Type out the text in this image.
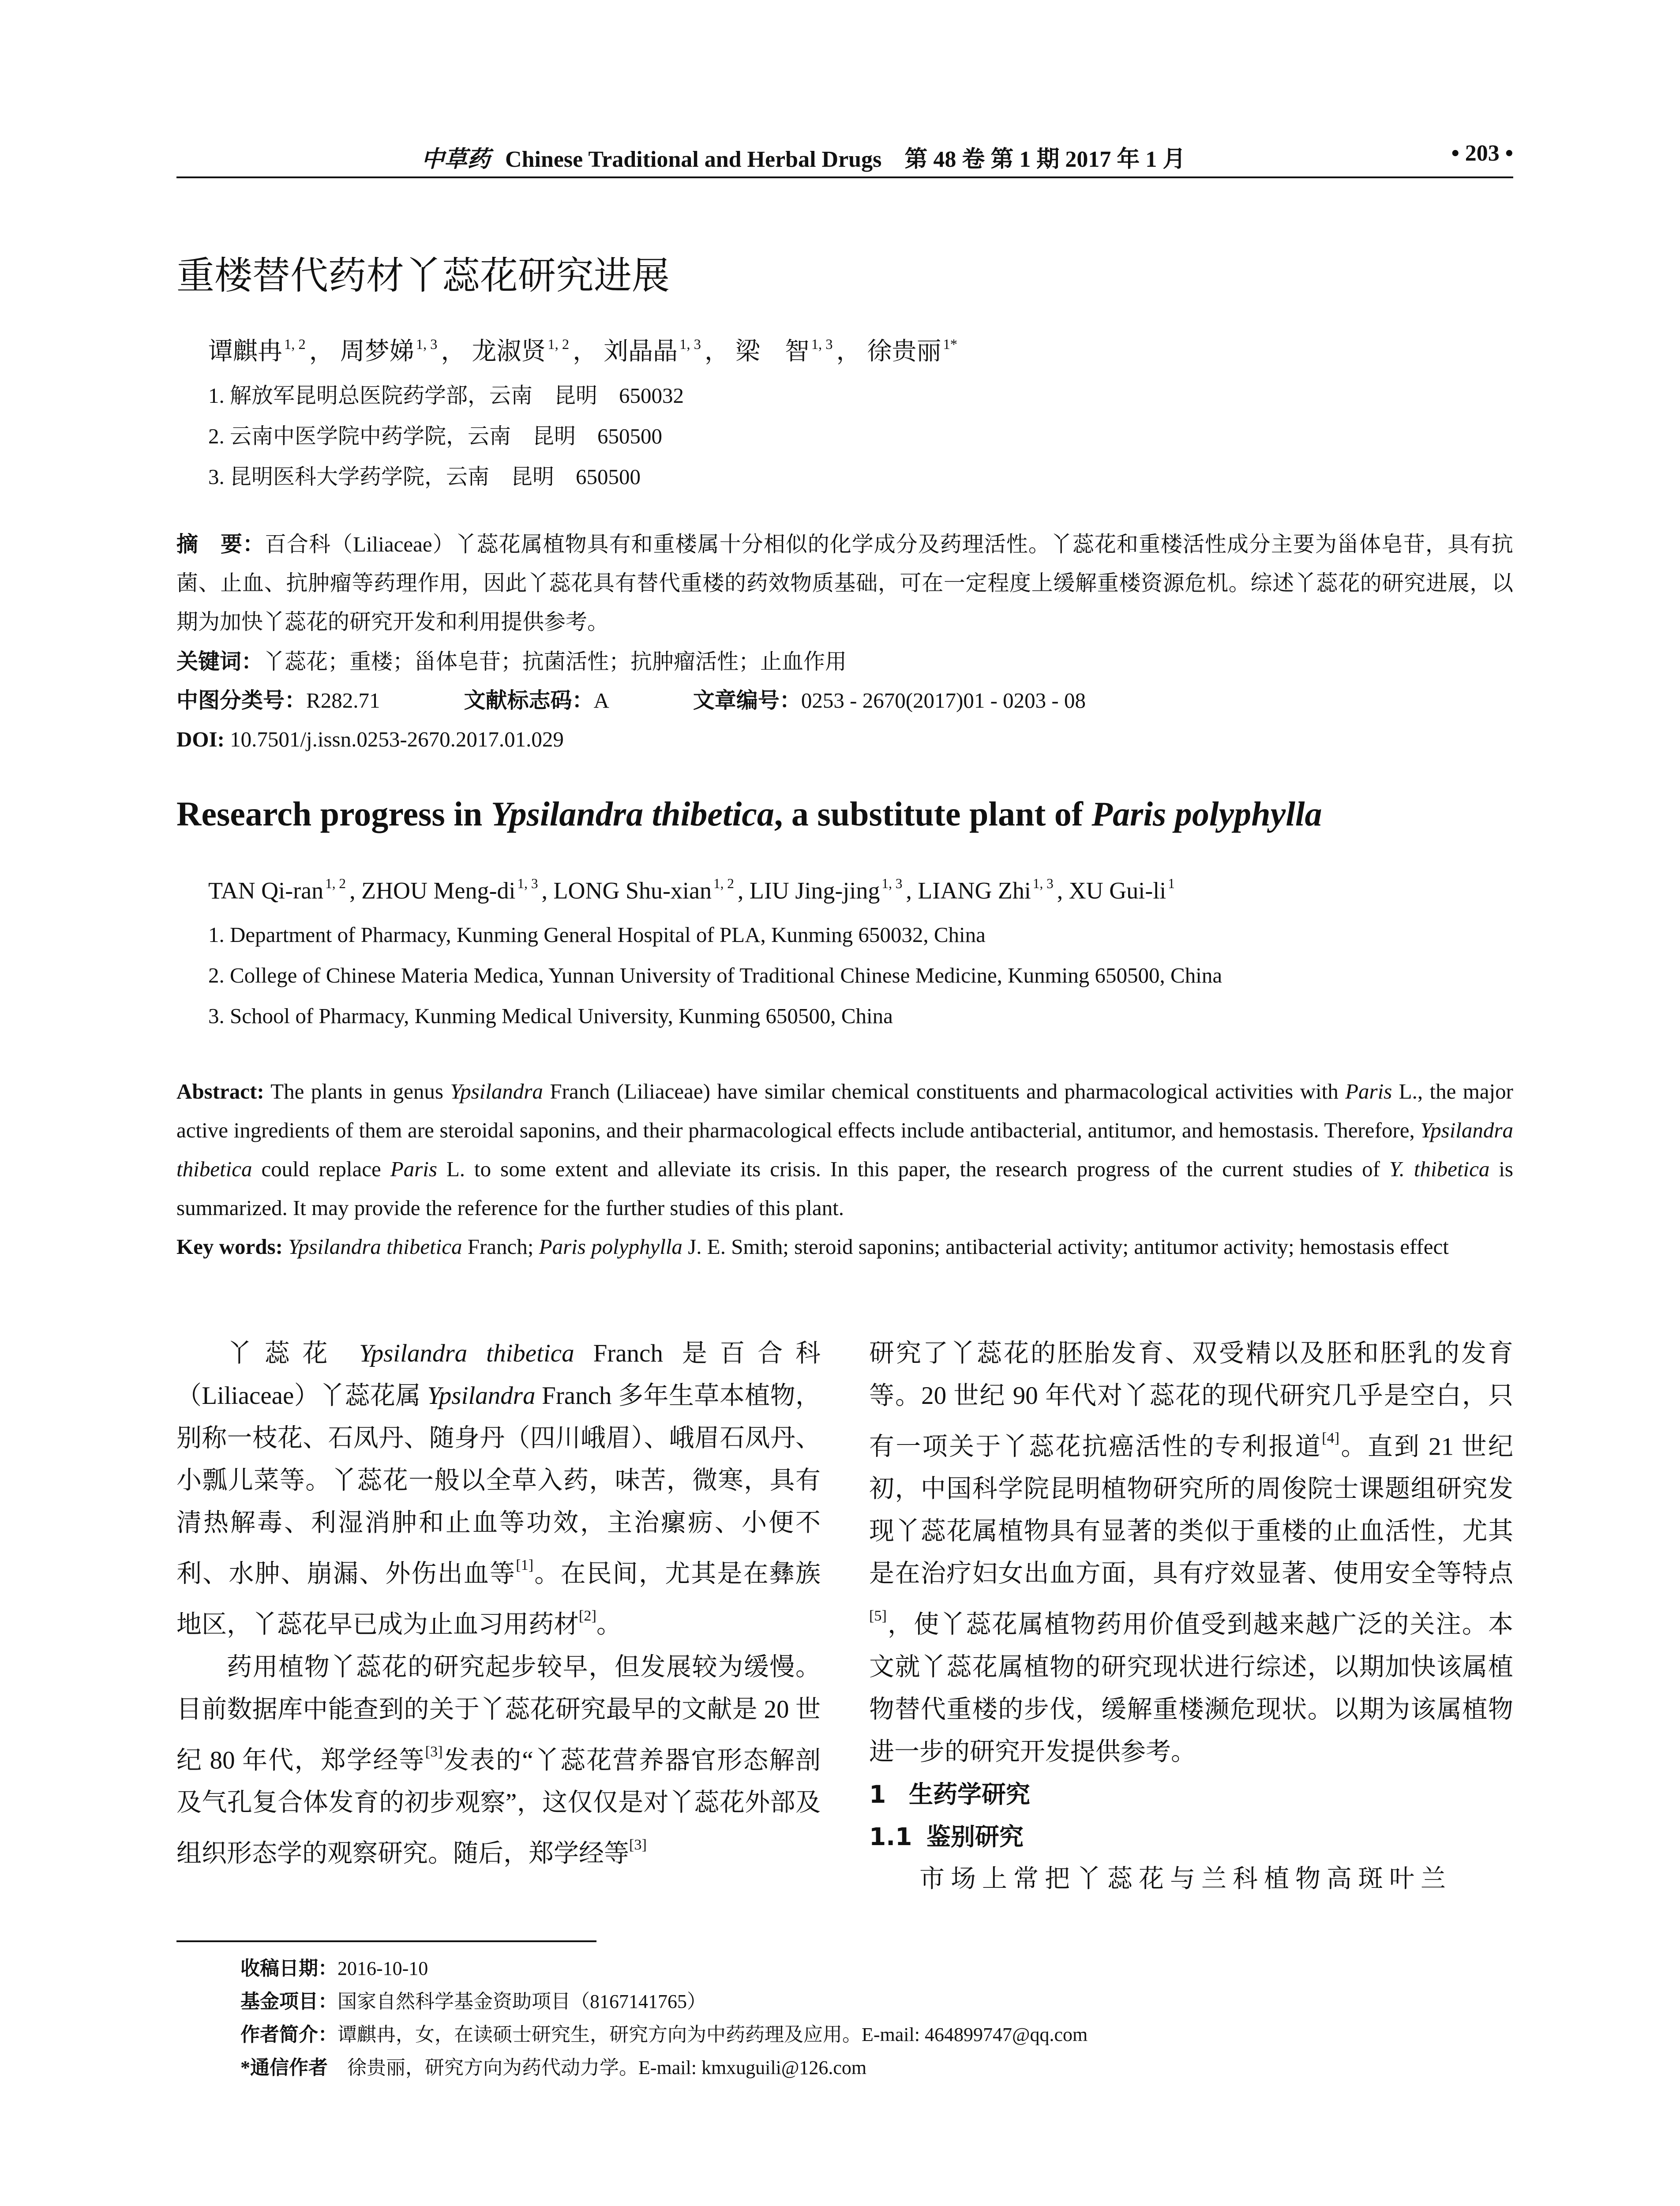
中草药 Chinese Traditional and Herbal Drugs　第 48 卷 第 1 期 2017 年 1 月	• 203 •
重楼替代药材丫蕊花研究进展
谭麒冉 $^{1, 2}$ ， 周梦娣 $^{1, 3}$ ， 龙淑贤 $^{1, 2}$ ， 刘晶晶 $^{1, 3}$ ， 梁　智 $^{1, 3}$ ， 徐贵丽 $^{1*}$
1. 解放军昆明总医院药学部，云南　昆明　650032
2. 云南中医学院中药学院，云南　昆明　650500
3. 昆明医科大学药学院，云南　昆明　650500
摘　要：百合科（Liliaceae）丫蕊花属植物具有和重楼属十分相似的化学成分及药理活性。丫蕊花和重楼活性成分主要为甾体皂苷，具有抗菌、止血、抗肿瘤等药理作用，因此丫蕊花具有替代重楼的药效物质基础，可在一定程度上缓解重楼资源危机。综述丫蕊花的研究进展，以期为加快丫蕊花的研究开发和利用提供参考。
关键词：丫蕊花；重楼；甾体皂苷；抗菌活性；抗肿瘤活性；止血作用
中图分类号：R282.71	文献标志码：A	文章编号：0253 - 2670(2017)01 - 0203 - 08
DOI: 10.7501/j.issn.0253-2670.2017.01.029
Research progress in Ypsilandra thibetica, a substitute plant of Paris polyphylla
TAN Qi-ran $^{1, 2}$ , ZHOU Meng-di $^{1, 3}$ , LONG Shu-xian $^{1, 2}$ , LIU Jing-jing $^{1, 3}$ , LIANG Zhi $^{1, 3}$ , XU Gui-li $^1$
1. Department of Pharmacy, Kunming General Hospital of PLA, Kunming 650032, China
2. College of Chinese Materia Medica, Yunnan University of Traditional Chinese Medicine, Kunming 650500, China
3. School of Pharmacy, Kunming Medical University, Kunming 650500, China
Abstract: The plants in genus Ypsilandra Franch (Liliaceae) have similar chemical constituents and pharmacological activities with Paris L., the major active ingredients of them are steroidal saponins, and their pharmacological effects include antibacterial, antitumor, and hemostasis. Therefore, Ypsilandra thibetica could replace Paris L. to some extent and alleviate its crisis. In this paper, the research progress of the current studies of Y. thibetica is summarized. It may provide the reference for the further studies of this plant.
Key words: Ypsilandra thibetica Franch; Paris polyphylla J. E. Smith; steroid saponins; antibacterial activity; antitumor activity; hemostasis effect

丫蕊花 Ypsilandra thibetica Franch 是百合科（Liliaceae）丫蕊花属 Ypsilandra Franch 多年生草本植物，别称一枝花、石凤丹、随身丹（四川峨眉）、峨眉石凤丹、小瓢儿菜等。丫蕊花一般以全草入药，味苦，微寒，具有清热解毒、利湿消肿和止血等功效，主治瘰疬、小便不利、水肿、崩漏、外伤出血等[1]。在民间，尤其是在彝族地区，丫蕊花早已成为止血习用药材[2]。

药用植物丫蕊花的研究起步较早，但发展较为缓慢。目前数据库中能查到的关于丫蕊花研究最早的文献是 20 世纪 80 年代，郑学经等[3]发表的“丫蕊花营养器官形态解剖及气孔复合体发育的初步观察”，这仅仅是对丫蕊花外部及组织形态学的观察研究。随后，郑学经等[3]

研究了丫蕊花的胚胎发育、双受精以及胚和胚乳的发育等。20 世纪 90 年代对丫蕊花的现代研究几乎是空白，只有一项关于丫蕊花抗癌活性的专利报道[4]。直到 21 世纪初，中国科学院昆明植物研究所的周俊院士课题组研究发现丫蕊花属植物具有显著的类似于重楼的止血活性，尤其是在治疗妇女出血方面，具有疗效显著、使用安全等特点[5]，使丫蕊花属植物药用价值受到越来越广泛的关注。本文就丫蕊花属植物的研究现状进行综述，以期加快该属植物替代重楼的步伐，缓解重楼濒危现状。以期为该属植物进一步的研究开发提供参考。

1 生药学研究

1.1 鉴别研究

市场上常把丫蕊花与兰科植物高斑叶兰

收稿日期：2016-10-10
基金项目：国家自然科学基金资助项目（8167141765）
作者简介：谭麒冉，女，在读硕士研究生，研究方向为中药药理及应用。E-mail: 464899747@qq.com
*通信作者　徐贵丽，研究方向为药代动力学。E-mail: kmxuguili@126.com
